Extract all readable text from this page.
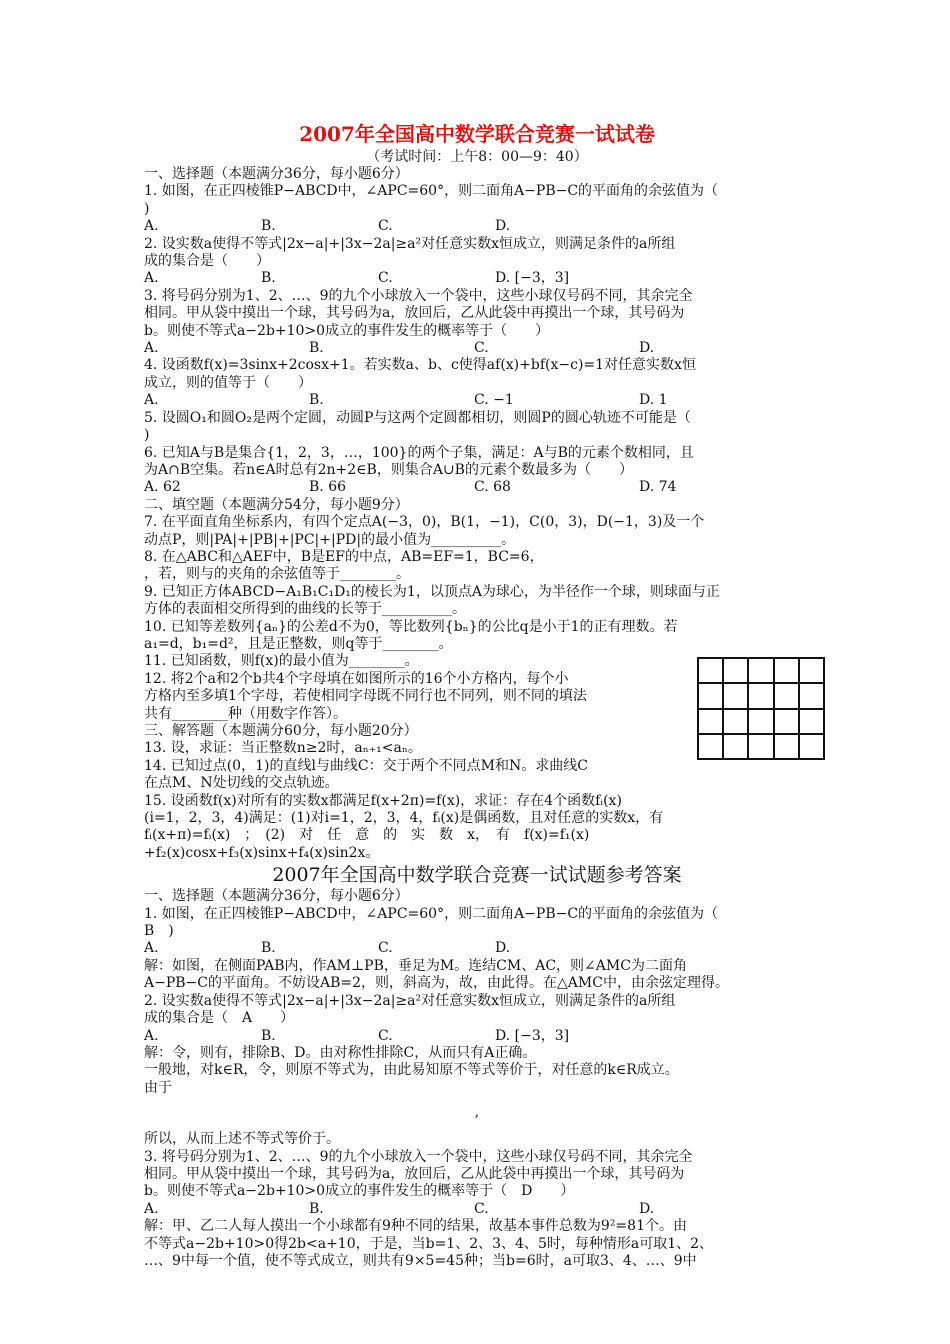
2007年全国高中数学联合竞赛一试试卷
（考试时间：上午8：00—9：40）
一、选择题（本题满分36分，每小题6分）
1. 如图，在正四棱锥P−ABCD中，∠APC=60°，则二面角A−PB−C的平面角的余弦值为（
)
A.	B.	C.	D.
2. 设实数a使得不等式|2x−a|+|3x−2a|≥a²对任意实数x恒成立，则满足条件的a所组
成的集合是（　　）
A.	B.	C.	D. [−3，3]
3. 将号码分别为1、2、…、9的九个小球放入一个袋中，这些小球仅号码不同，其余完全
相同。甲从袋中摸出一个球，其号码为a，放回后，乙从此袋中再摸出一个球，其号码为
b。则使不等式a−2b+10>0成立的事件发生的概率等于（　　）
A.	B.	C.	D.
4. 设函数f(x)=3sinx+2cosx+1。若实数a、b、c使得af(x)+bf(x−c)=1对任意实数x恒
成立，则的值等于（　　）
A.	B.	C. −1	D. 1
5. 设圆O₁和圆O₂是两个定圆，动圆P与这两个定圆都相切，则圆P的圆心轨迹不可能是（
)
6. 已知A与B是集合{1，2，3，…，100}的两个子集，满足：A与B的元素个数相同，且
为A∩B空集。若n∈A时总有2n+2∈B，则集合A∪B的元素个数最多为（　　）
A. 62	B. 66	C. 68	D. 74
二、填空题（本题满分54分，每小题9分）
7. 在平面直角坐标系内，有四个定点A(−3，0)，B(1，−1)，C(0，3)，D(−1，3)及一个
动点P，则|PA|+|PB|+|PC|+|PD|的最小值为__________。
8. 在△ABC和△AEF中，B是EF的中点，AB=EF=1，BC=6，
，若，则与的夹角的余弦值等于________。
9. 已知正方体ABCD−A₁B₁C₁D₁的棱长为1，以顶点A为球心，为半径作一个球，则球面与正
方体的表面相交所得到的曲线的长等于__________。
10. 已知等差数列{aₙ}的公差d不为0，等比数列{bₙ}的公比q是小于1的正有理数。若
a₁=d，b₁=d²，且是正整数，则q等于________。
11. 已知函数，则f(x)的最小值为________。
12. 将2个a和2个b共4个字母填在如图所示的16个小方格内，每个小
方格内至多填1个字母，若使相同字母既不同行也不同列，则不同的填法
共有________种（用数字作答）。
三、解答题（本题满分60分，每小题20分）
13. 设，求证：当正整数n≥2时，aₙ₊₁<aₙ。
14. 已知过点(0，1)的直线l与曲线C：交于两个不同点M和N。求曲线C
在点M、N处切线的交点轨迹。
15. 设函数f(x)对所有的实数x都满足f(x+2π)=f(x)，求证：存在4个函数fᵢ(x)
(i=1，2，3，4)满足：(1)对i=1，2，3，4，fᵢ(x)是偶函数，且对任意的实数x，有
fᵢ(x+π)=fᵢ(x)　；　(2)　对　任　意　的　实　数　x，　有　f(x)=f₁(x)
+f₂(x)cosx+f₃(x)sinx+f₄(x)sin2x。
2007年全国高中数学联合竞赛一试试题参考答案
一、选择题（本题满分36分，每小题6分）
1. 如图，在正四棱锥P−ABCD中，∠APC=60°，则二面角A−PB−C的平面角的余弦值为（
B　)
A.	B.	C.	D.
解：如图，在侧面PAB内，作AM⊥PB，垂足为M。连结CM、AC，则∠AMC为二面角
A−PB−C的平面角。不妨设AB=2，则，斜高为，故，由此得。在△AMC中，由余弦定理得。
2. 设实数a使得不等式|2x−a|+|3x−2a|≥a²对任意实数x恒成立，则满足条件的a所组
成的集合是（　A　　）
A.	B.	C.	D. [−3，3]
解：令，则有，排除B、D。由对称性排除C，从而只有A正确。
一般地，对k∈R，令，则原不等式为，由此易知原不等式等价于，对任意的k∈R成立。
由于
,
所以，从而上述不等式等价于。
3. 将号码分别为1、2、…、9的九个小球放入一个袋中，这些小球仅号码不同，其余完全
相同。甲从袋中摸出一个球，其号码为a，放回后，乙从此袋中再摸出一个球，其号码为
b。则使不等式a−2b+10>0成立的事件发生的概率等于（　D　　）
A.	B.	C.	D.
解：甲、乙二人每人摸出一个小球都有9种不同的结果，故基本事件总数为9²=81个。由
不等式a−2b+10>0得2b<a+10，于是，当b=1、2、3、4、5时，每种情形a可取1、2、
…、9中每一个值，使不等式成立，则共有9×5=45种；当b=6时，a可取3、4、…、9中
